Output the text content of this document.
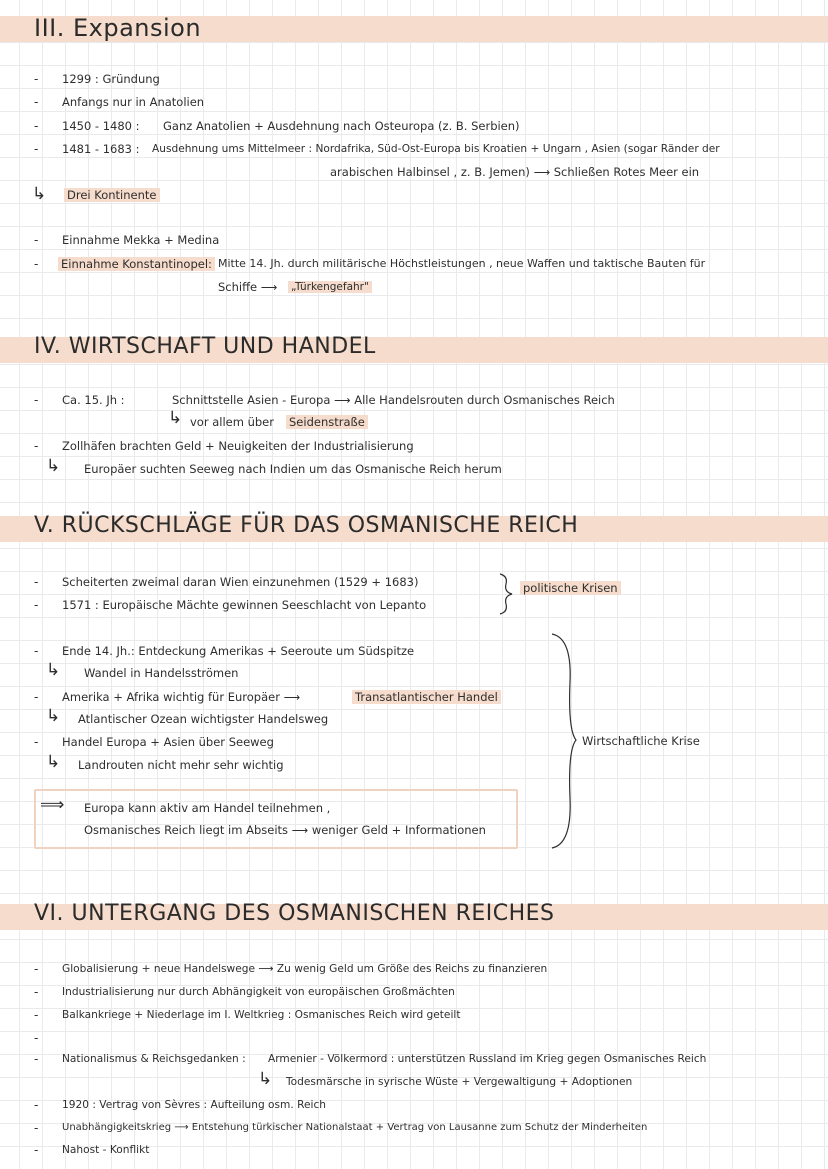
III. Expansion
- 1299 : Gründung
- Anfangs nur in Anatolien
- 1450 - 1480 : Ganz Anatolien + Ausdehnung nach Osteuropa (z. B. Serbien)
- 1481 - 1683 : Ausdehnung ums Mittelmeer : Nordafrika, Süd-Ost-Europa bis Kroatien + Ungarn , Asien (sogar Ränder der
arabischen Halbinsel , z. B. Jemen) ⟶ Schließen Rotes Meer ein
↳ Drei Kontinente
- Einnahme Mekka + Medina
- Einnahme Konstantinopel: Mitte 14. Jh. durch militärische Höchstleistungen , neue Waffen und taktische Bauten für
Schiffe ⟶ „Türkengefahr"
IV. WIRTSCHAFT UND HANDEL
- Ca. 15. Jh :	Schnittstelle Asien - Europa ⟶ Alle Handelsrouten durch Osmanisches Reich
↳ vor allem über Seidenstraße
- Zollhäfen brachten Geld + Neuigkeiten der Industrialisierung
↳ Europäer suchten Seeweg nach Indien um das Osmanische Reich herum
V. RÜCKSCHLÄGE FÜR DAS OSMANISCHE REICH
- Scheiterten zweimal daran Wien einzunehmen (1529 + 1683)
- 1571 : Europäische Mächte gewinnen Seeschlacht von Lepanto
politische Krisen
- Ende 14. Jh.: Entdeckung Amerikas + Seeroute um Südspitze
↳ Wandel in Handelsströmen
- Amerika + Afrika wichtig für Europäer ⟶	Transatlantischer Handel
↳ Atlantischer Ozean wichtigster Handelsweg
- Handel Europa + Asien über Seeweg
↳ Landrouten nicht mehr sehr wichtig
Wirtschaftliche Krise
⟹ Europa kann aktiv am Handel teilnehmen ,
Osmanisches Reich liegt im Abseits ⟶ weniger Geld + Informationen
VI. UNTERGANG DES OSMANISCHEN REICHES
- Globalisierung + neue Handelswege ⟶ Zu wenig Geld um Größe des Reichs zu finanzieren
- Industrialisierung nur durch Abhängigkeit von europäischen Großmächten
- Balkankriege + Niederlage im I. Weltkrieg : Osmanisches Reich wird geteilt
-
- Nationalismus & Reichsgedanken : Armenier - Völkermord : unterstützen Russland im Krieg gegen Osmanisches Reich
↳ Todesmärsche in syrische Wüste + Vergewaltigung + Adoptionen
- 1920 : Vertrag von Sèvres : Aufteilung osm. Reich
- Unabhängigkeitskrieg ⟶ Entstehung türkischer Nationalstaat + Vertrag von Lausanne zum Schutz der Minderheiten
- Nahost - Konflikt
